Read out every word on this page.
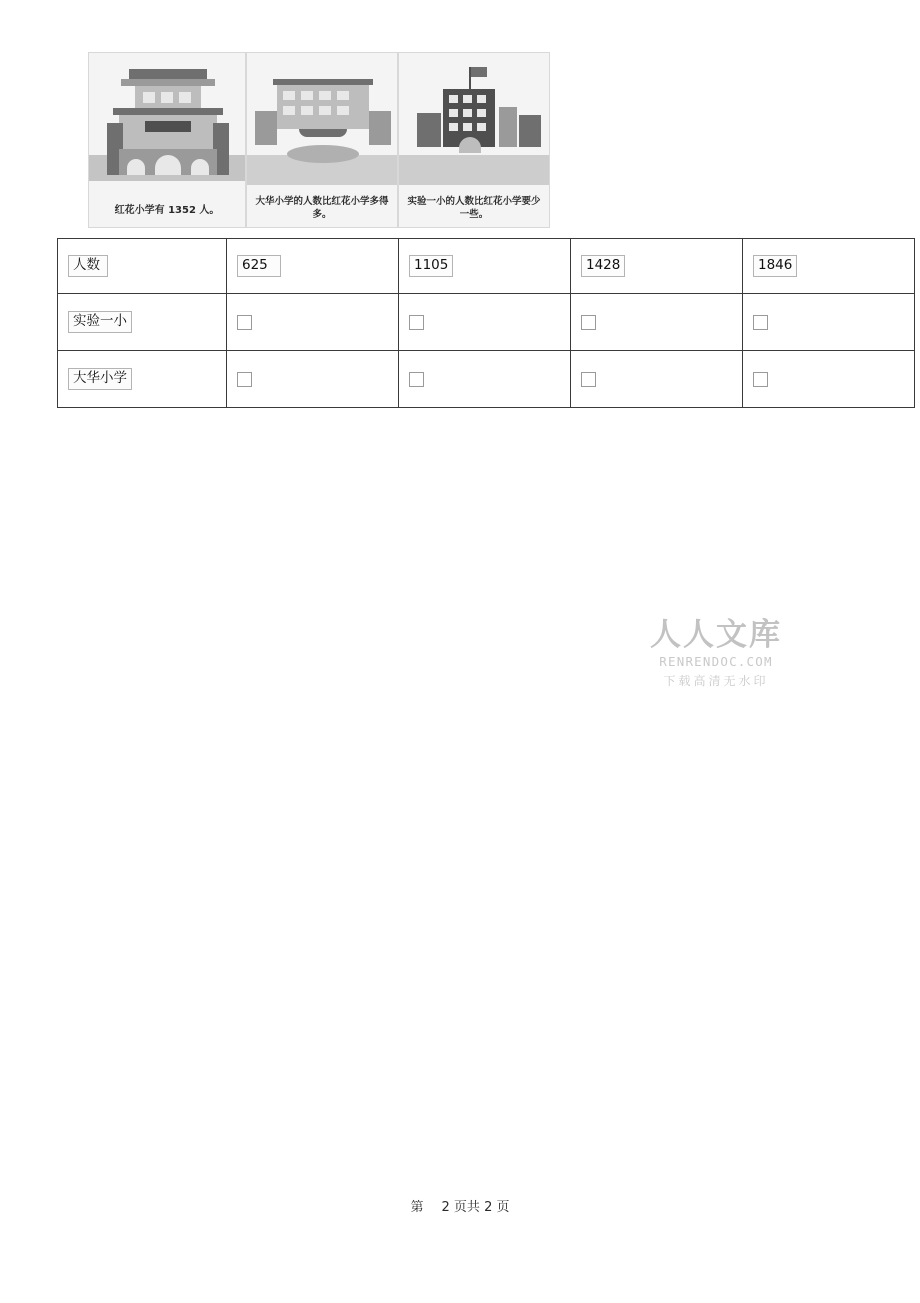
红花小学有 1352 人。
大华小学的人数比红花小学多得多。
实验一小的人数比红花小学要少一些。
人数	625	1105	1428	1846
实验一小				
大华小学				
人人文库
RENRENDOC.COM
下载高清无水印
第 2 页共 2 页
